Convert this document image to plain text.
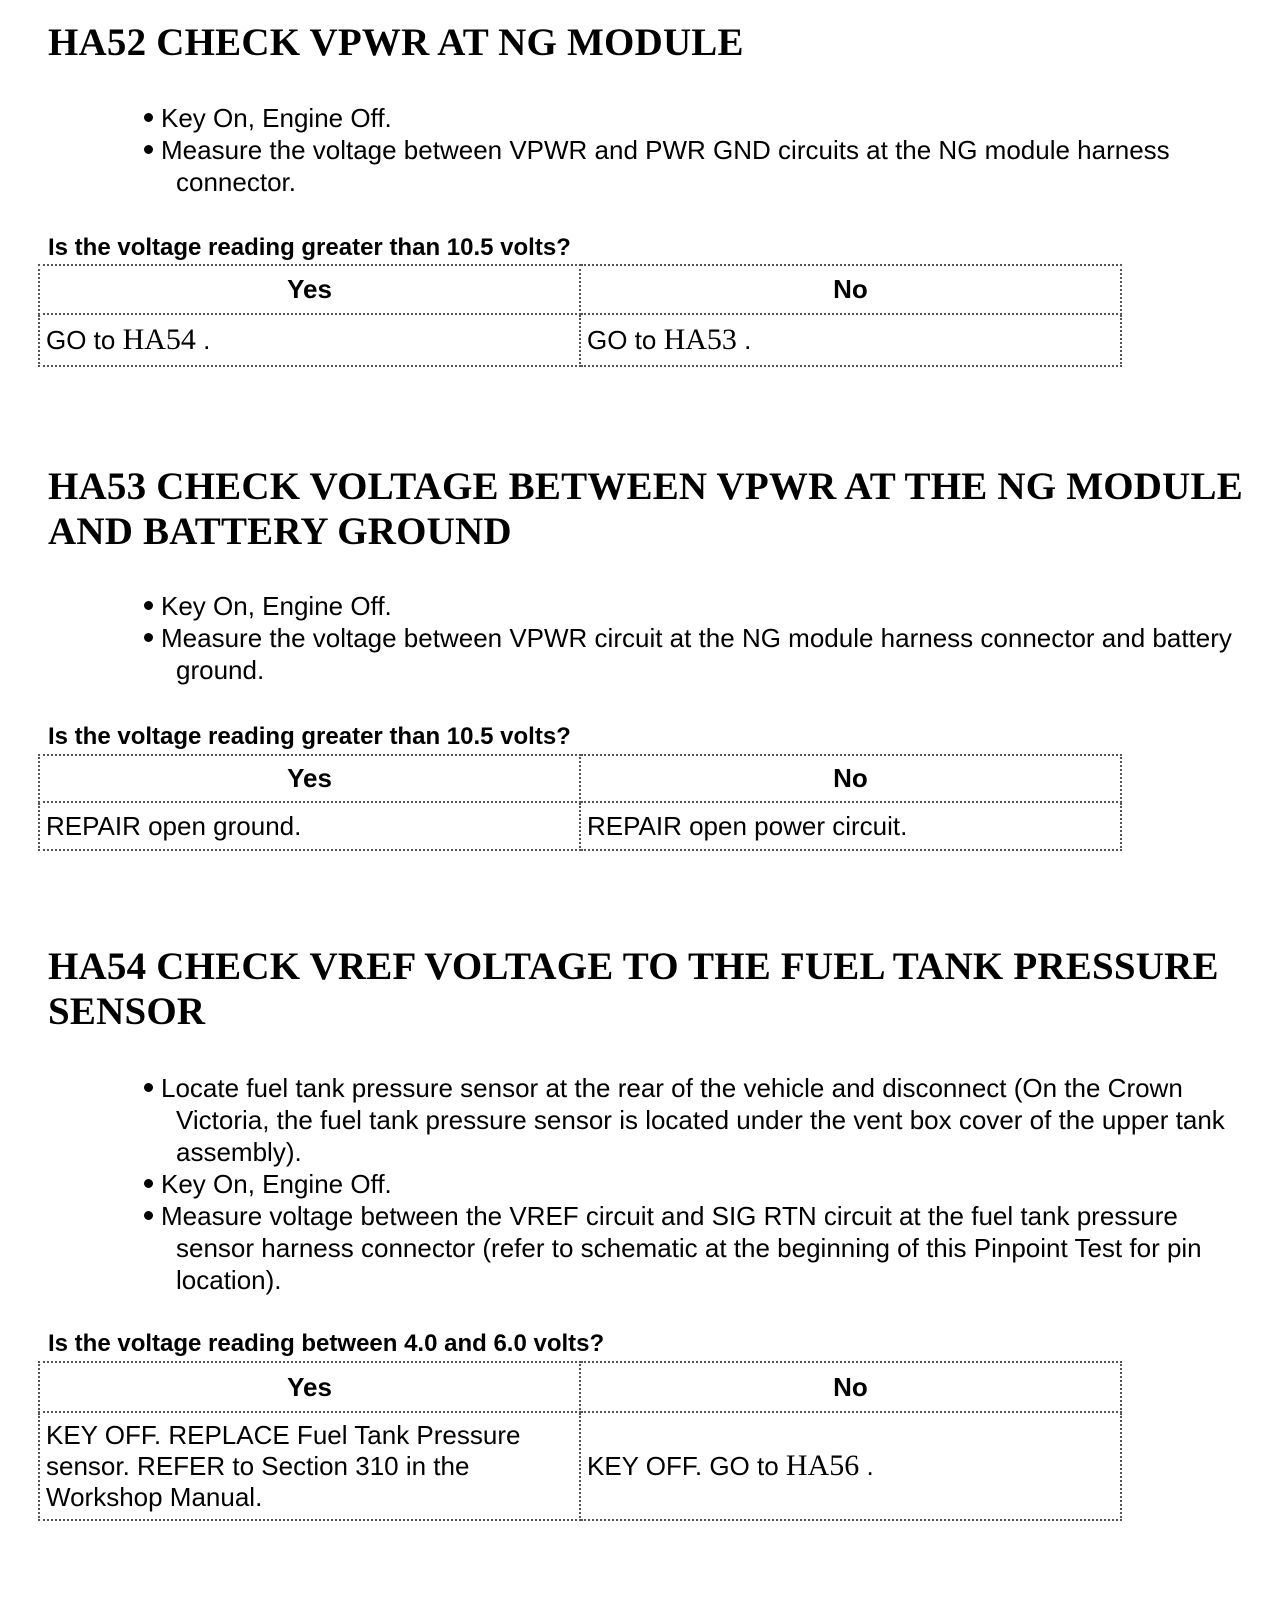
HA52 CHECK VPWR AT NG MODULE
Key On, Engine Off.
Measure the voltage between VPWR and PWR GND circuits at the NG module harness connector.

Is the voltage reading greater than 10.5 volts?

Yes	No
GO to HA54 .	GO to HA53 .
HA53 CHECK VOLTAGE BETWEEN VPWR AT THE NG MODULE AND BATTERY GROUND
Key On, Engine Off.
Measure the voltage between VPWR circuit at the NG module harness connector and battery ground.

Is the voltage reading greater than 10.5 volts?

Yes	No
REPAIR open ground.	REPAIR open power circuit.
HA54 CHECK VREF VOLTAGE TO THE FUEL TANK PRESSURE SENSOR
Locate fuel tank pressure sensor at the rear of the vehicle and disconnect (On the Crown Victoria, the fuel tank pressure sensor is located under the vent box cover of the upper tank assembly).
Key On, Engine Off.
Measure voltage between the VREF circuit and SIG RTN circuit at the fuel tank pressure sensor harness connector (refer to schematic at the beginning of this Pinpoint Test for pin location).

Is the voltage reading between 4.0 and 6.0 volts?

Yes	No
KEY OFF. REPLACE Fuel Tank Pressure sensor. REFER to Section 310 in the Workshop Manual.	KEY OFF. GO to HA56 .
